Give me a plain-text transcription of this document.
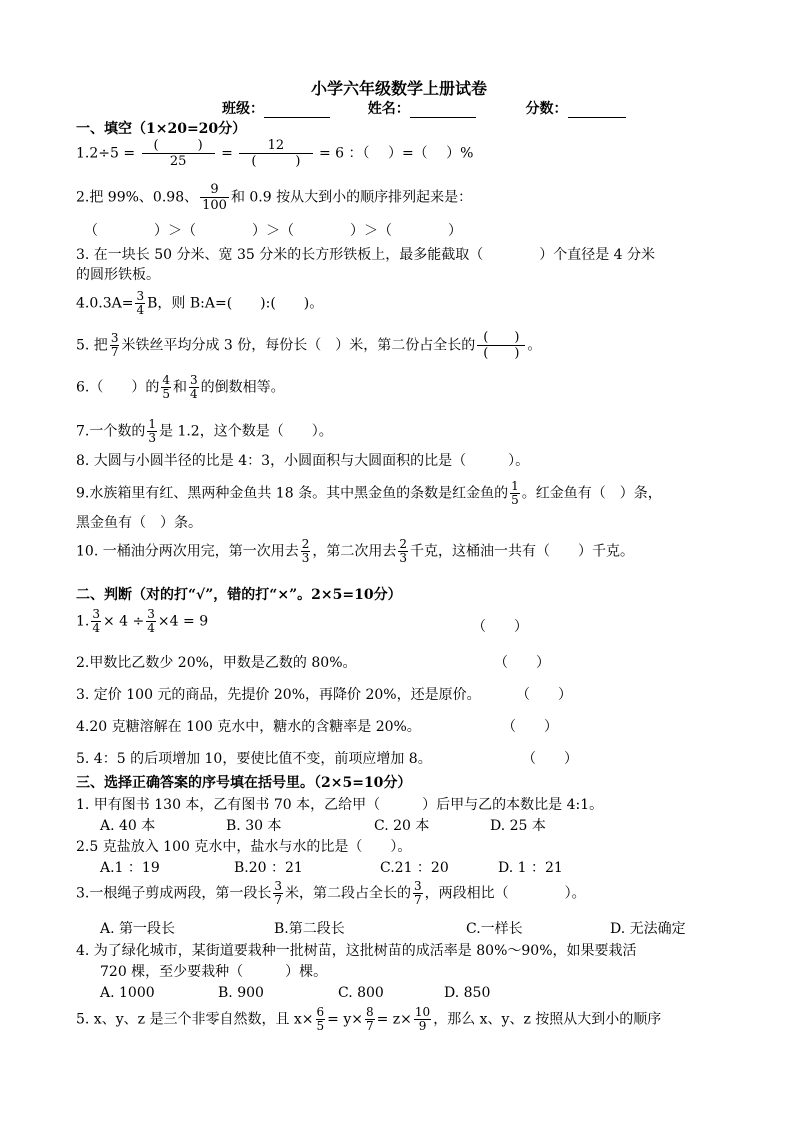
小学六年级数学上册试卷
班级：	姓名：	分数：
一、填空（1×20=20分）
$1.2\div 5 = \frac{( )}{25} = \frac{12}{( )} = 6$ ：（　 ）=（　 ）%
2.把 99%、0.98、 $\frac{9}{100}$ 和 0.9 按从大到小的顺序排列起来是：
（　　　　）＞（　　　　）＞（　　　　）＞（　　　　）
3. 在一块长 50 分米、宽 35 分米的长方形铁板上，最多能截取（　　　　）个直径是 4 分米
的圆形铁板。
$4.0.3A= \frac{3}{4}$ B，则 B:A=(　　):(　　)。
5. 把 $\frac{3}{7}$ 米铁丝平均分成 3 份，每份长（　）米，第二份占全长的 $\frac{( )}{( )}$ 。
6.（　　）的 $\frac{4}{5}$ 和 $\frac{3}{4}$ 的倒数相等。
7.一个数的 $\frac{1}{3}$ 是 1.2，这个数是（　　）。
8. 大圆与小圆半径的比是 4：3，小圆面积与大圆面积的比是（　　　）。
9.水族箱里有红、黑两种金鱼共 18 条。其中黑金鱼的条数是红金鱼的 $\frac{1}{5}$ 。红金鱼有（　）条，
黑金鱼有（　）条。
10. 一桶油分两次用完，第一次用去 $\frac{2}{3}$ ，第二次用去 $\frac{2}{3}$ 千克，这桶油一共有（　　）千克。
二、判断（对的打“√”，错的打“×”。2×5=10分）
1. $\frac{3}{4} \times 4 \div \frac{3}{4} \times 4 = 9$	（　　）
2.甲数比乙数少 20%，甲数是乙数的 80%。	（　　）
3. 定价 100 元的商品，先提价 20%，再降价 20%，还是原价。	（　　）
4.20 克糖溶解在 100 克水中，糖水的含糖率是 20%。	（　　）
5. 4：5 的后项增加 10，要使比值不变，前项应增加 8。	（　　）
三、选择正确答案的序号填在括号里。（2×5=10分）
1. 甲有图书 130 本，乙有图书 70 本，乙给甲（　　　）后甲与乙的本数比是 4:1。
A. 40 本	B. 30 本	C. 20 本	D. 25 本
2.5 克盐放入 100 克水中，盐水与水的比是（　　）。
A.1 ：19	B.20 ：21	C.21 ：20	D. 1 ：21
3.一根绳子剪成两段，第一段长 $\frac{3}{7}$ 米，第二段占全长的 $\frac{3}{7}$ ，两段相比（　　　　）。
A. 第一段长	B.第二段长	C.一样长	D. 无法确定
4. 为了绿化城市，某街道要栽种一批树苗，这批树苗的成活率是 80%～90%，如果要栽活
720 棵，至少要栽种（　　　）棵。
A. 1000	B. 900	C. 800	D. 850
5. x、y、z 是三个非零自然数，且 $x\times \frac{6}{5} = y\times \frac{8}{7} = z\times \frac{10}{9}$ ，那么 x、y、z 按照从大到小的顺序
